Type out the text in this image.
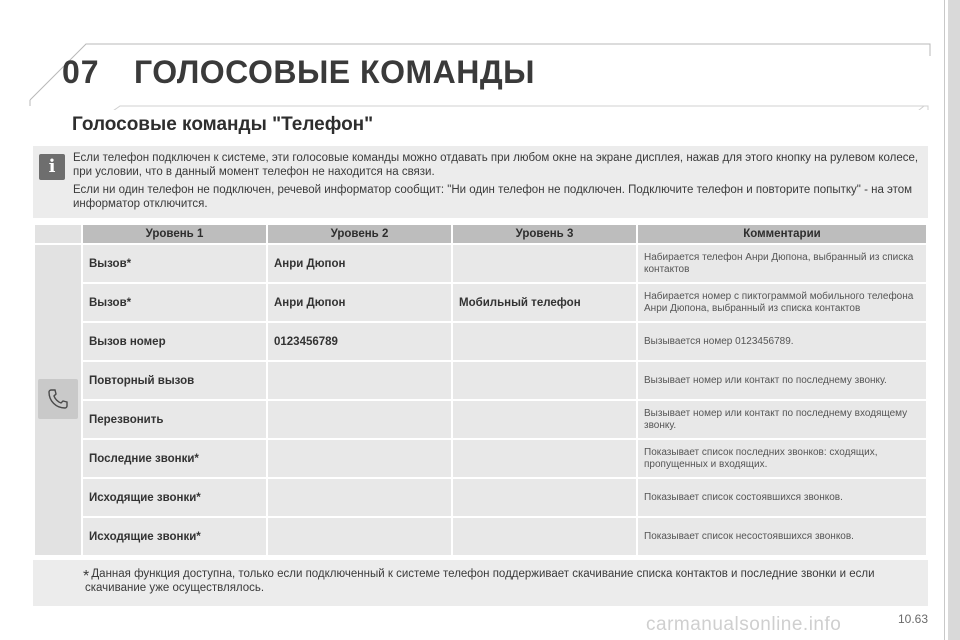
07 ГОЛОСОВЫЕ КОМАНДЫ
Голосовые команды "Телефон"
i	Если телефон подключен к системе, эти голосовые команды можно отдавать при любом окне на экране дисплея, нажав для этого кнопку на рулевом колесе, при условии, что в данный момент телефон не находится на связи.

Если ни один телефон не подключен, речевой информатор сообщит: "Ни один телефон не подключен. Подключите телефон и повторите попытку" - на этом информатор отключится.

	Уровень 1	Уровень 2	Уровень 3	Комментарии

	Вызов*	Анри Дюпон		Набирается телефон Анри Дюпона, выбранный из списка контактов
	Вызов*	Анри Дюпон	Мобильный телефон	Набирается номер с пиктограммой мобильного телефона Анри Дюпона, выбранный из списка контактов
	Вызов номер	0123456789		Вызывается номер 0123456789.
	Повторный вызов			Вызывает номер или контакт по последнему звонку.
	Перезвонить			Вызывает номер или контакт по последнему входящему звонку.
	Последние звонки*			Показывает список последних звонков: сходящих, пропущенных и входящих.
	Исходящие звонки*			Показывает список состоявшихся звонков.
	Исходящие звонки*			Показывает список несостоявшихся звонков.
* Данная функция доступна, только если подключенный к системе телефон поддерживает скачивание списка контактов и последние звонки и если скачивание уже осуществлялось.
carmanualsonline.info	10.63
